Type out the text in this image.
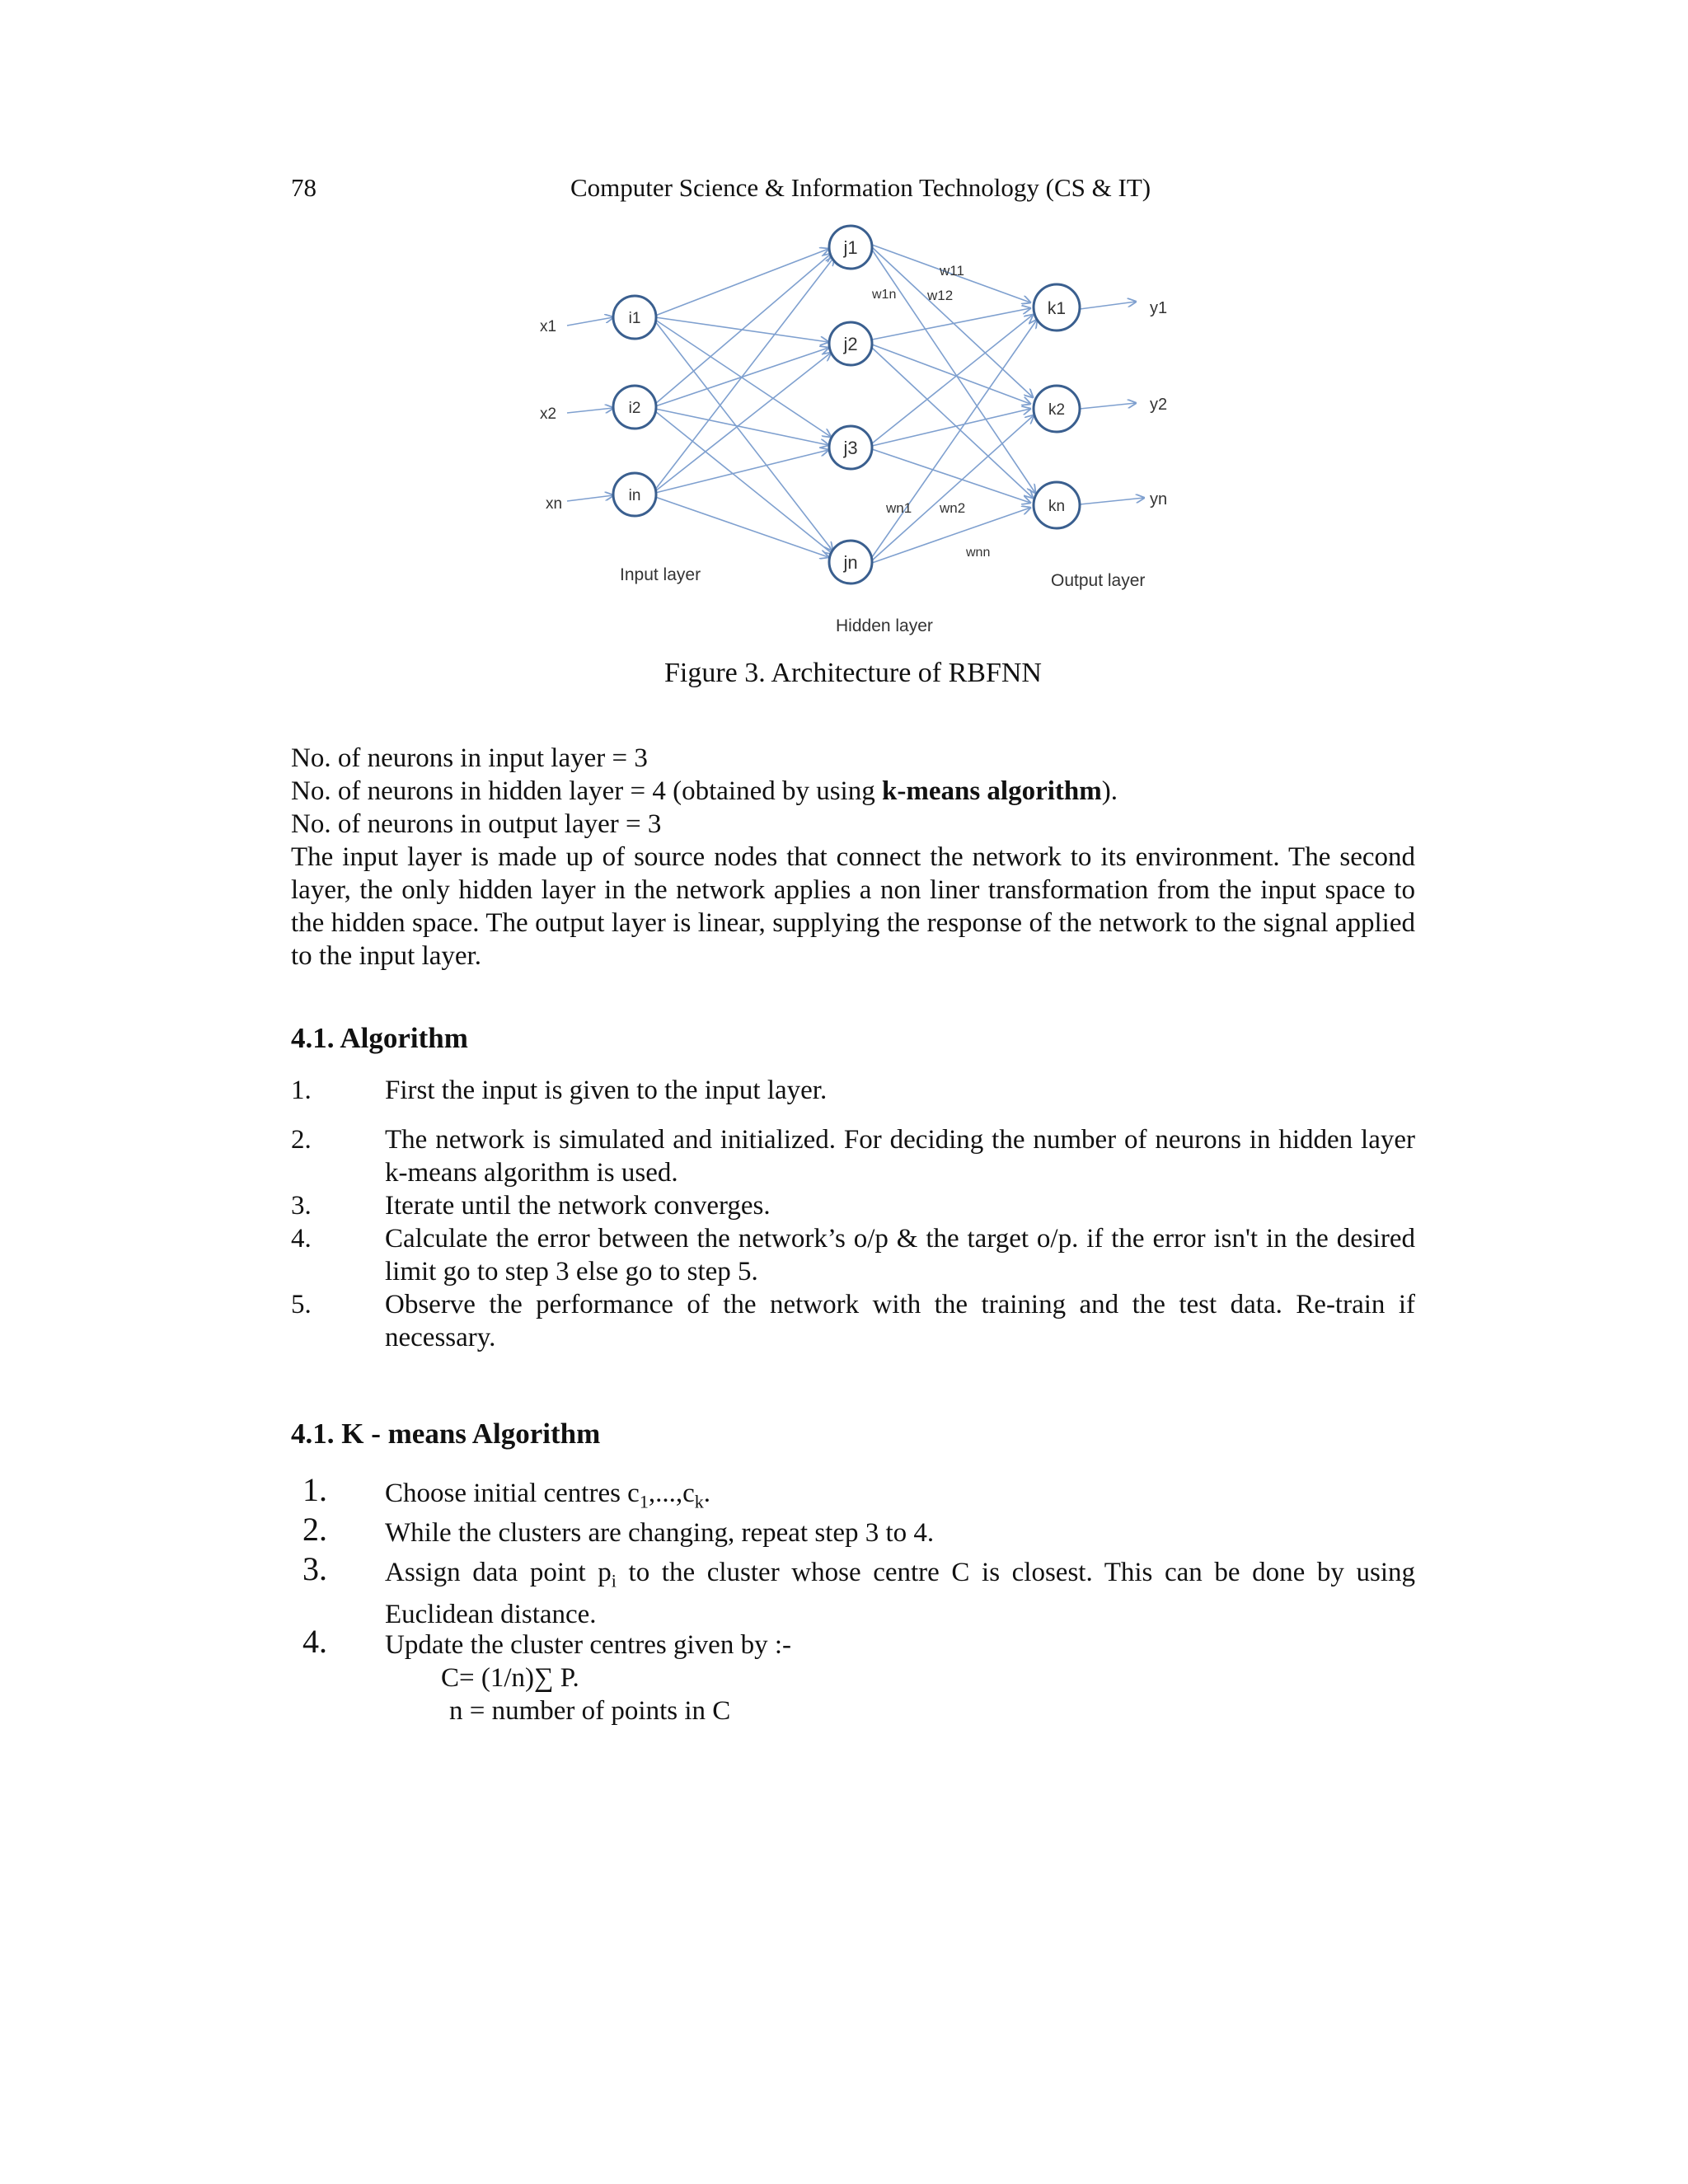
78	Computer Science & Information Technology (CS & IT)
x1
x2
xn
i1
i2
in
j1
j2
j3
jn
k1
k2
kn
y1
y2
yn
w1n
w11
w12
wn1 wn2
wnn
Input layer
Hidden layer
Output layer
Figure 3. Architecture of RBFNN
No. of neurons in input layer = 3
No. of neurons in hidden layer = 4 (obtained by using k-means algorithm).
No. of neurons in output layer = 3
The input layer is made up of source nodes that connect the network to its environment. The second layer, the only hidden layer in the network applies a non liner transformation from the input space to the hidden space. The output layer is linear, supplying the response of the network to the signal applied to the input layer.
4.1. Algorithm
1.	First the input is given to the input layer.
2.	The network is simulated and initialized. For deciding the number of neurons in hidden layer k-means algorithm is used.
3.	Iterate until the network converges.
4.	Calculate the error between the network’s o/p & the target o/p. if the error isn't in the desired limit go to step 3 else go to step 5.
5.	Observe the performance of the network with the training and the test data. Re-train if necessary.
4.1. K - means Algorithm
1. Choose initial centres $c_1,...,c_k$.
2. While the clusters are changing, repeat step 3 to 4.
3. Assign data point $p_i$ to the cluster whose centre C is closest. This can be done by using Euclidean distance.
4. Update the cluster centres given by :-
C= (1/n)∑ P.
n = number of points in C
